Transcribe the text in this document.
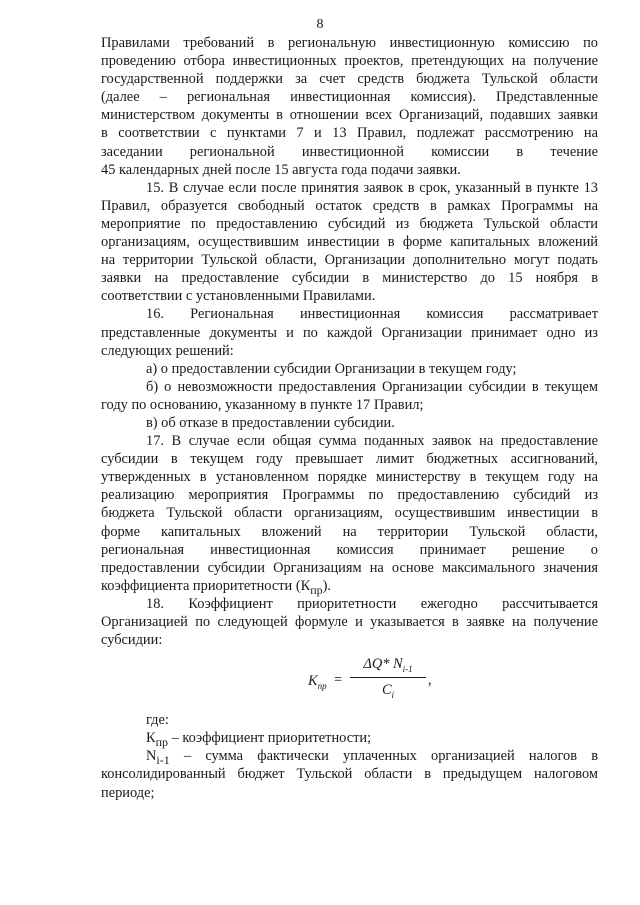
8
Правилами требований в региональную инвестиционную комиссию по
проведению отбора инвестиционных проектов, претендующих на получение
государственной поддержки за счет средств бюджета Тульской области
(далее – региональная инвестиционная комиссия). Представленные
министерством документы в отношении всех Организаций, подавших заявки
в соответствии с пунктами 7 и 13 Правил, подлежат рассмотрению на
заседании региональной инвестиционной комиссии в течение
45 календарных дней после 15 августа года подачи заявки.
15. В случае если после принятия заявок в срок, указанный в пункте 13
Правил, образуется свободный остаток средств в рамках Программы на
мероприятие по предоставлению субсидий из бюджета Тульской области
организациям, осуществившим инвестиции в форме капитальных вложений
на территории Тульской области, Организации дополнительно могут подать
заявки на предоставление субсидии в министерство до 15 ноября в
соответствии с установленными Правилами.
16. Региональная инвестиционная комиссия рассматривает
представленные документы и по каждой Организации принимает одно из
следующих решений:
а) о предоставлении субсидии Организации в текущем году;
б) о невозможности предоставления Организации субсидии в текущем
году по основанию, указанному в пункте 17 Правил;
в) об отказе в предоставлении субсидии.
17. В случае если общая сумма поданных заявок на предоставление
субсидии в текущем году превышает лимит бюджетных ассигнований,
утвержденных в установленном порядке министерству в текущем году на
реализацию мероприятия Программы по предоставлению субсидий из
бюджета Тульской области организациям, осуществившим инвестиции в
форме капитальных вложений на территории Тульской области,
региональная инвестиционная комиссия принимает решение о
предоставлении субсидии Организациям на основе максимального значения
коэффициента приоритетности $(К_{пр})$.
18. Коэффициент приоритетности ежегодно рассчитывается
Организацией по следующей формуле и указывается в заявке на получение
субсидии:
$K_{пр}$ =
ΔQ* $N_{i-1}$
$C_i$
,
где:
$К_{пр}$ – коэффициент приоритетности;
$N_{i-1}$ – сумма фактически уплаченных организацией налогов в
консолидированный бюджет Тульской области в предыдущем налоговом
периоде;
